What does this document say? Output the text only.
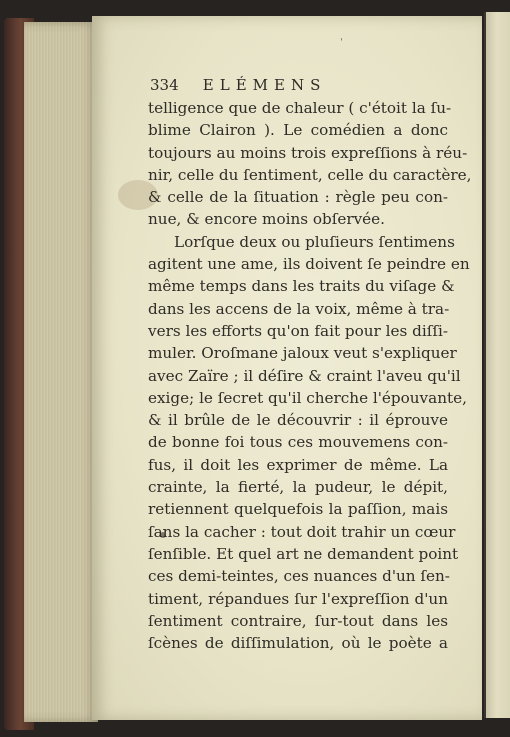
ˈ
334 ELÉMENS
telligence que de chaleur ( c'étoit la ſu-
blime Clairon ). Le comédien a donc
toujours au moins trois expreſſions à réu-
nir, celle du ſentiment, celle du caractère,
& celle de la ſituation : règle peu con-
nue, & encore moins obſervée.
Lorſque deux ou pluſieurs ſentimens
agitent une ame, ils doivent ſe peindre en
même temps dans les traits du viſage &
dans les accens de la voix, même à tra-
vers les efforts qu'on fait pour les diſſi-
muler. Oroſmane jaloux veut s'expliquer
avec Zaïre ; il déſire & craint l'aveu qu'il
exige; le ſecret qu'il cherche l'épouvante,
& il brûle de le découvrir : il éprouve
de bonne foi tous ces mouvemens con-
fus, il doit les exprimer de même. La
crainte, la fierté, la pudeur, le dépit,
retiennent quelquefois la paſſion, mais
ſans la cacher : tout doit trahir un cœur
ſenſible. Et quel art ne demandent point
ces demi-teintes, ces nuances d'un ſen-
timent, répandues ſur l'expreſſion d'un
ſentiment contraire, ſur-tout dans les
ſcènes de diſſimulation, où le poète a
